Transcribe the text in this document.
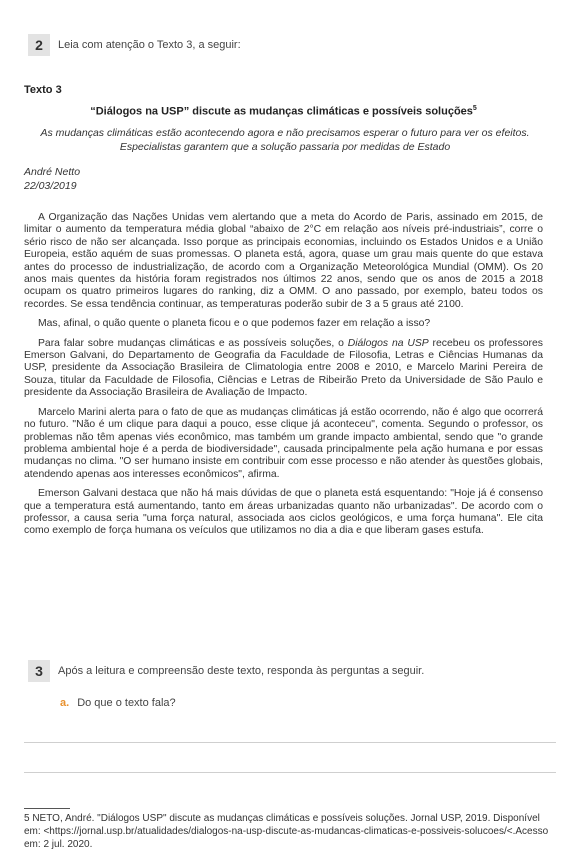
2	Leia com atenção o Texto 3, a seguir:
Texto 3
“Diálogos na USP” discute as mudanças climáticas e possíveis soluções$^5$
As mudanças climáticas estão acontecendo agora e não precisamos esperar o futuro para ver os efeitos. Especialistas garantem que a solução passaria por medidas de Estado
André Netto
22/03/2019

A Organização das Nações Unidas vem alertando que a meta do Acordo de Paris, assinado em 2015, de limitar o aumento da temperatura média global “abaixo de 2°C em relação aos níveis pré-industriais”, corre o sério risco de não ser alcançada. Isso porque as principais economias, incluindo os Estados Unidos e a União Europeia, estão aquém de suas promessas. O planeta está, agora, quase um grau mais quente do que estava antes do processo de industrialização, de acordo com a Organização Meteorológica Mundial (OMM). Os 20 anos mais quentes da história foram registrados nos últimos 22 anos, sendo que os anos de 2015 a 2018 ocupam os quatro primeiros lugares do ranking, diz a OMM. O ano passado, por exemplo, bateu todos os recordes. Se essa tendência continuar, as temperaturas poderão subir de 3 a 5 graus até 2100.

Mas, afinal, o quão quente o planeta ficou e o que podemos fazer em relação a isso?

Para falar sobre mudanças climáticas e as possíveis soluções, o Diálogos na USP recebeu os professores Emerson Galvani, do Departamento de Geografia da Faculdade de Filosofia, Letras e Ciências Humanas da USP, presidente da Associação Brasileira de Climatologia entre 2008 e 2010, e Marcelo Marini Pereira de Souza, titular da Faculdade de Filosofia, Ciências e Letras de Ribeirão Preto da Universidade de São Paulo e presidente da Associação Brasileira de Avaliação de Impacto.

Marcelo Marini alerta para o fato de que as mudanças climáticas já estão ocorrendo, não é algo que ocorrerá no futuro. "Não é um clique para daqui a pouco, esse clique já aconteceu", comenta. Segundo o professor, os problemas não têm apenas viés econômico, mas também um grande impacto ambiental, sendo que "o grande problema ambiental hoje é a perda de biodiversidade", causada principalmente pela ação humana e por essas mudanças no clima. "O ser humano insiste em contribuir com esse processo e não atender às questões globais, atendendo apenas aos interesses econômicos", afirma.

Emerson Galvani destaca que não há mais dúvidas de que o planeta está esquentando: "Hoje já é consenso que a temperatura está aumentando, tanto em áreas urbanizadas quanto não urbanizadas". De acordo com o professor, a causa seria "uma força natural, associada aos ciclos geológicos, e uma força humana". Ele cita como exemplo de força humana os veículos que utilizamos no dia a dia e que liberam gases estufa.

3	Após a leitura e compreensão deste texto, responda às perguntas a seguir.
a. Do que o texto fala?
5 NETO, André. "Diálogos USP" discute as mudanças climáticas e possíveis soluções. Jornal USP, 2019. Disponível em: <https://jornal.usp.br/atualidades/dialogos-na-usp-discute-as-mudancas-climaticas-e-possiveis-solucoes/<.Acesso em: 2 jul. 2020.
